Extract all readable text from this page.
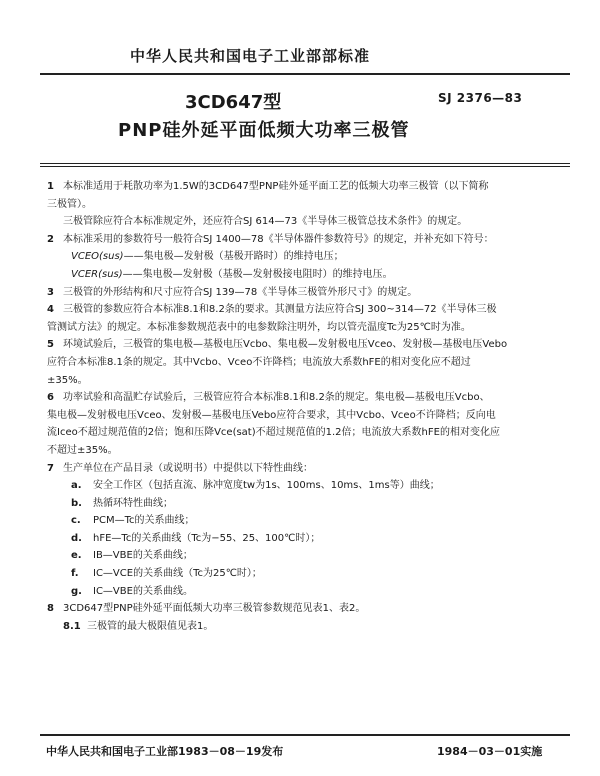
中华人民共和国电子工业部部标准
3CD647型	SJ 2376—83
PNP硅外延平面低频大功率三极管
1 本标准适用于耗散功率为1.5W的3CD647型PNP硅外延平面工艺的低频大功率三极管（以下简称
三极管）。
三极管除应符合本标准规定外，还应符合SJ 614—73《半导体三极管总技术条件》的规定。
2 本标准采用的参数符号一般符合SJ 1400—78《半导体器件参数符号》的规定，并补充如下符号：
VCEO(sus)——集电极—发射极（基极开路时）的维持电压；
VCER(sus)——集电极—发射极（基极—发射极接电阻时）的维持电压。
3 三极管的外形结构和尺寸应符合SJ 139—78《半导体三极管外形尺寸》的规定。
4 三极管的参数应符合本标准8.1和8.2条的要求。其测量方法应符合SJ 300~314—72《半导体三极
管测试方法》的规定。本标准参数规范表中的电参数除注明外，均以管壳温度Tc为25℃时为准。
5 环境试验后，三极管的集电极—基极电压Vcbo、集电极—发射极电压Vceo、发射极—基极电压Vebo
应符合本标准8.1条的规定。其中Vcbo、Vceo不许降档；电流放大系数hFE的相对变化应不超过
±35%。
6 功率试验和高温贮存试验后，三极管应符合本标准8.1和8.2条的规定。集电极—基极电压Vcbo、
集电极—发射极电压Vceo、发射极—基极电压Vebo应符合要求，其中Vcbo、Vceo不许降档；反向电
流Iceo不超过规范值的2倍；饱和压降Vce(sat)不超过规范值的1.2倍；电流放大系数hFE的相对变化应
不超过±35%。
7 生产单位在产品目录（或说明书）中提供以下特性曲线：
a. 安全工作区（包括直流、脉冲宽度tw为1s、100ms、10ms、1ms等）曲线；
b. 热循环特性曲线；
c. PCM—Tc的关系曲线；
d. hFE—Tc的关系曲线（Tc为−55、25、100℃时）；
e. IB—VBE的关系曲线；
f. IC—VCE的关系曲线（Tc为25℃时）；
g. IC—VBE的关系曲线。
8 3CD647型PNP硅外延平面低频大功率三极管参数规范见表1、表2。
8.1 三极管的最大极限值见表1。
中华人民共和国电子工业部1983－08－19发布	1984－03－01实施
